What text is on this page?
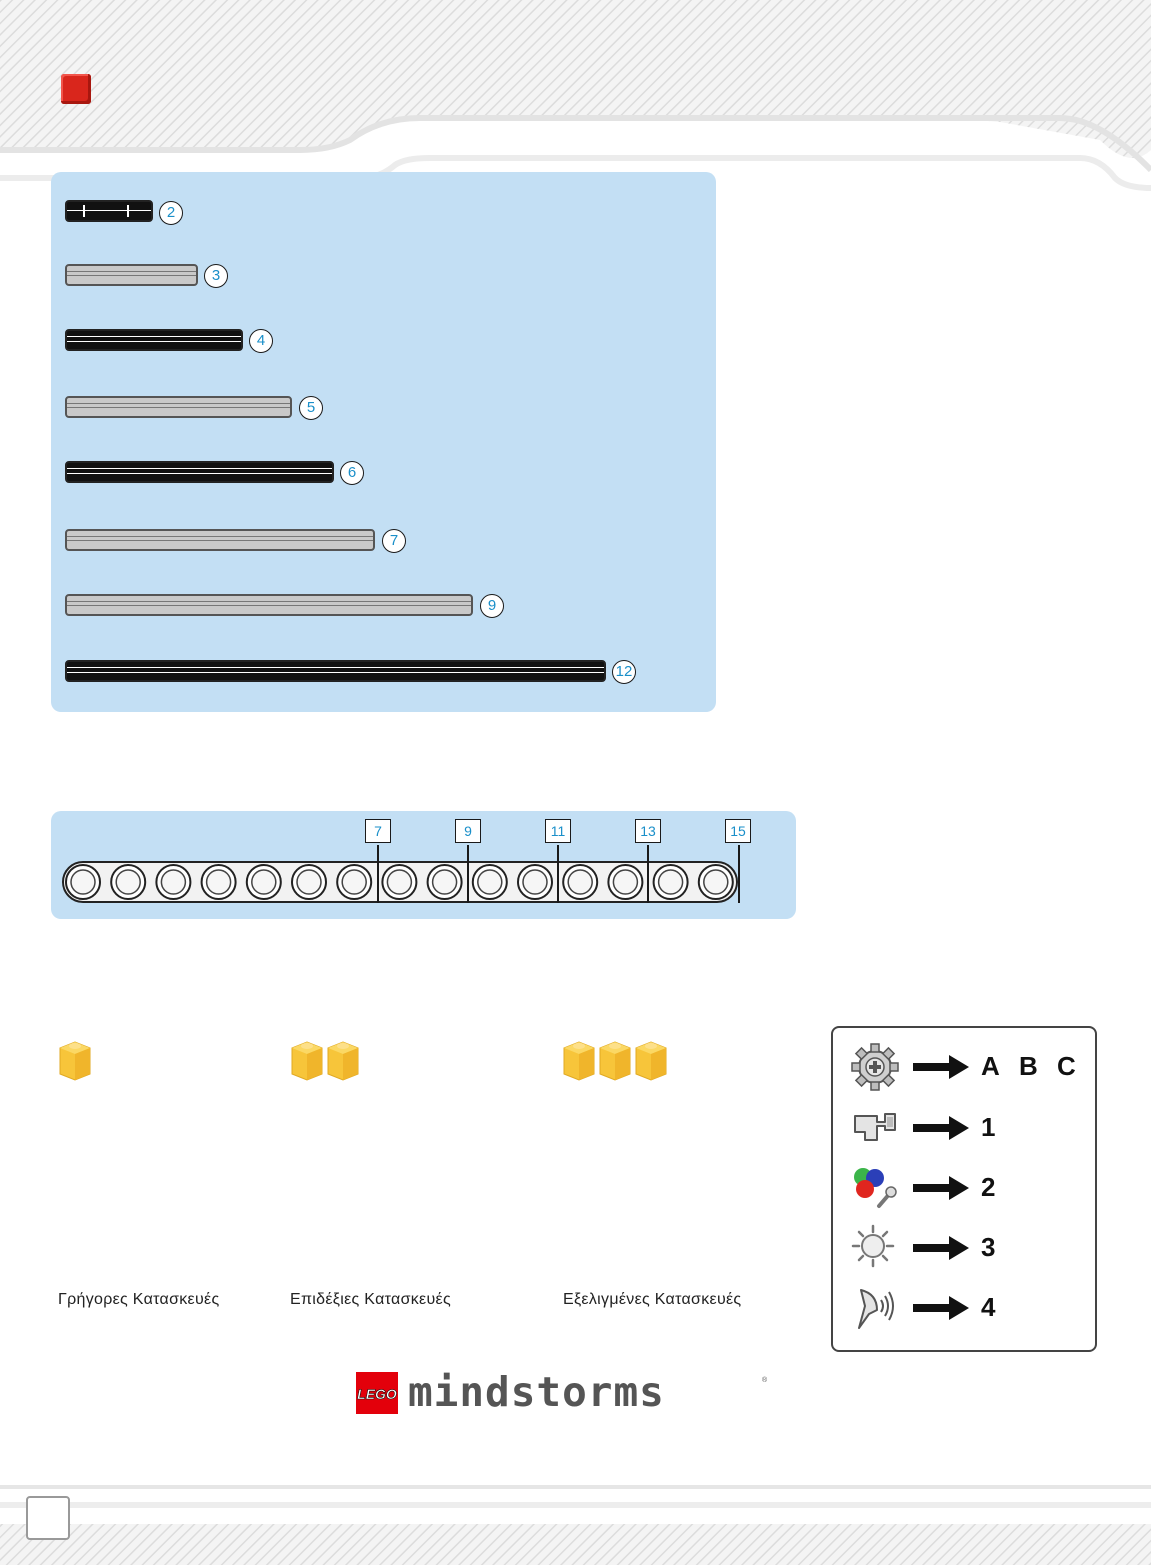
2
3
4
5
6
7
9
12
7	9	11	13	15
Γρήγορες Κατασκευές	Επιδέξιες Κατασκευές	Εξελιγμένες Κατασκευές
A B C
1
2
3
4
LEGO mindstorms	®
